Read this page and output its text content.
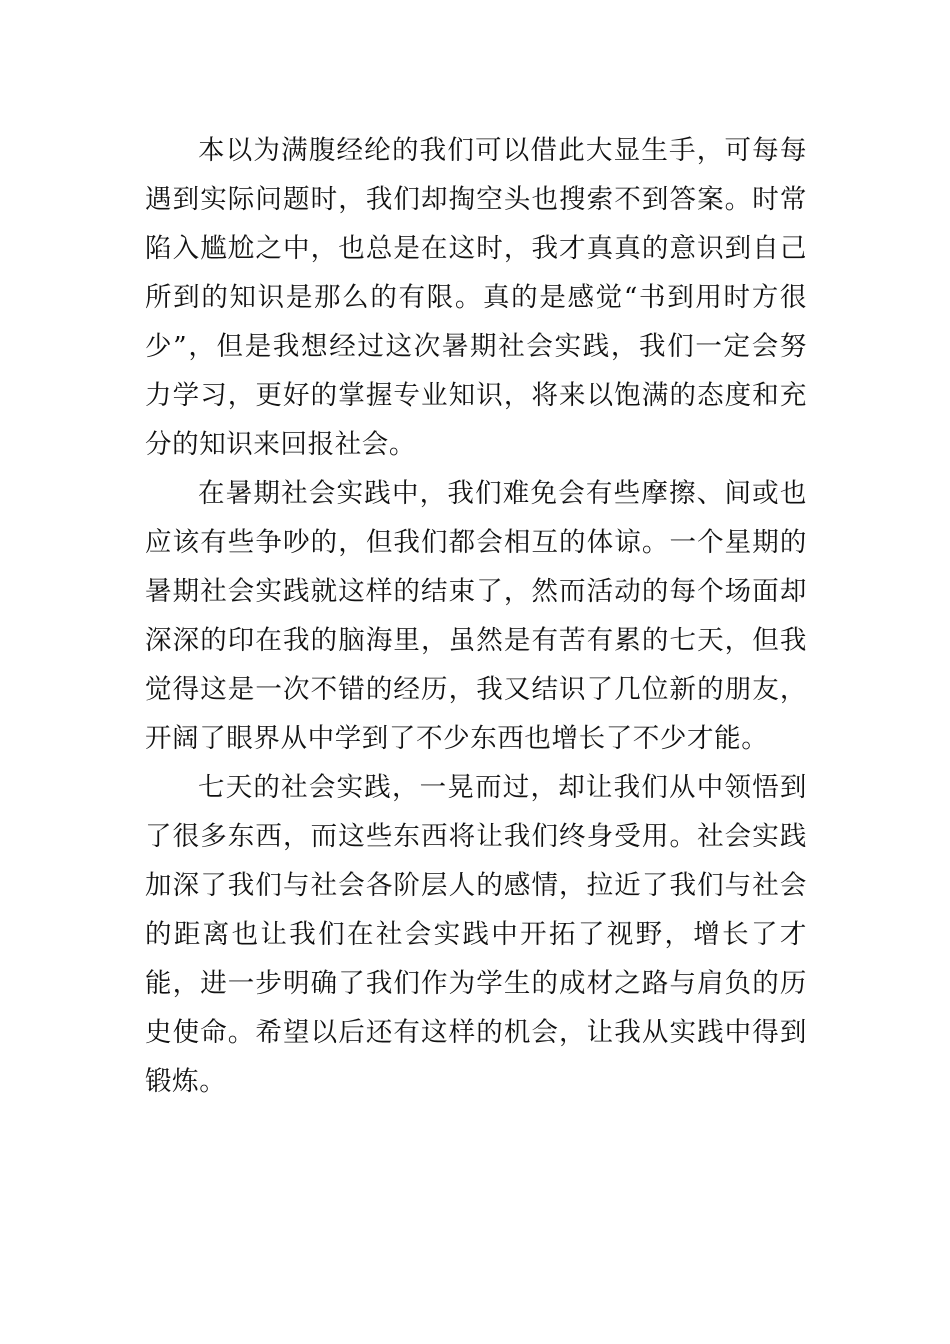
本以为满腹经纶的我们可以借此大显生手，可每每遇到实际问题时，我们却掏空头也搜索不到答案。时常陷入尴尬之中，也总是在这时，我才真真的意识到自己所到的知识是那么的有限。真的是感觉“书到用时方很少”，但是我想经过这次暑期社会实践，我们一定会努力学习，更好的掌握专业知识，将来以饱满的态度和充分的知识来回报社会。

在暑期社会实践中，我们难免会有些摩擦、间或也应该有些争吵的，但我们都会相互的体谅。一个星期的暑期社会实践就这样的结束了，然而活动的每个场面却深深的印在我的脑海里，虽然是有苦有累的七天，但我觉得这是一次不错的经历，我又结识了几位新的朋友，开阔了眼界从中学到了不少东西也增长了不少才能。

七天的社会实践，一晃而过，却让我们从中领悟到了很多东西，而这些东西将让我们终身受用。社会实践加深了我们与社会各阶层人的感情，拉近了我们与社会的距离也让我们在社会实践中开拓了视野，增长了才能，进一步明确了我们作为学生的成材之路与肩负的历史使命。希望以后还有这样的机会，让我从实践中得到锻炼。
